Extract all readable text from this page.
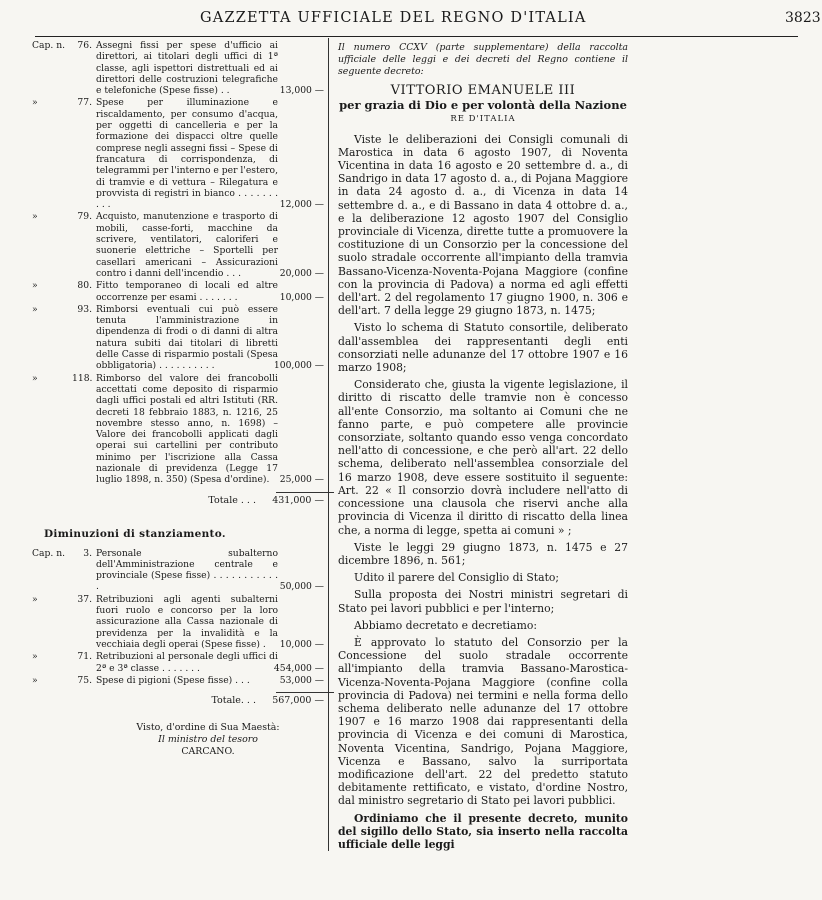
GAZZETTA UFFICIALE DEL REGNO D'ITALIA	3823
Cap. n.	76. Assegni fissi per spese d'ufficio ai direttori, ai titolari degli uffici di 1ª classe, agli ispettori distrettuali ed ai direttori delle costruzioni telegrafiche e telefoniche (Spese fisse) . .	13,000 —
»	77. Spese per illuminazione e riscaldamento, per consumo d'acqua, per oggetti di cancelleria e per la formazione dei dispacci oltre quelle comprese negli assegni fissi – Spese di francatura di corrispondenza, di telegrammi per l'interno e per l'estero, di tramvie e di vettura – Rilegatura e provvista di registri in bianco . . . . . . . . . .	12,000 —
»	79. Acquisto, manutenzione e trasporto di mobili, casse-forti, macchine da scrivere, ventilatori, caloriferi e suonerie elettriche – Sportelli per casellari americani – Assicurazioni contro i danni dell'incendio . . .	20,000 —
»	80. Fitto temporaneo di locali ed altre occorrenze per esami . . . . . . .	10,000 —
»	93. Rimborsi eventuali cui può essere tenuta l'amministrazione in dipendenza di frodi o di danni di altra natura subiti dai titolari di libretti delle Casse di risparmio postali (Spesa obbligatoria) . . . . . . . . . .	100,000 —
»	118. Rimborso del valore dei francobolli accettati come deposito di risparmio dagli uffici postali ed altri Istituti (RR. decreti 18 febbraio 1883, n. 1216, 25 novembre stesso anno, n. 1698) – Valore dei francobolli applicati dagli operai sui cartellini per contributo minimo per l'iscrizione alla Cassa nazionale di previdenza (Legge 17 luglio 1898, n. 350) (Spesa d'ordine).	25,000 —
Totale . . . 431,000 —
Diminuzioni di stanziamento.
Cap. n.	3. Personale subalterno dell'Amministrazione centrale e provinciale (Spese fisse) . . . . . . . . . . . .	50,000 —
»	37. Retribuzioni agli agenti subalterni fuori ruolo e concorso per la loro assicurazione alla Cassa nazionale di previdenza per la invalidità e la vecchiaia degli operai (Spese fisse) .	10,000 —
»	71. Retribuzioni al personale degli uffici di 2ª e 3ª classe . . . . . . .	454,000 —
»	75. Spese di pigioni (Spese fisse) . . .	53,000 —
Totale. . . 567,000 —
Visto, d'ordine di Sua Maestà:
Il ministro del tesoro
CARCANO.
Il numero CCXV (parte supplementare) della raccolta ufficiale delle leggi e dei decreti del Regno contiene il seguente decreto:
VITTORIO EMANUELE III
per grazia di Dio e per volontà della Nazione
RE D'ITALIA

Viste le deliberazioni dei Consigli comunali di Marostica in data 6 agosto 1907, di Noventa Vicentina in data 16 agosto e 20 settembre d. a., di Sandrigo in data 17 agosto d. a., di Pojana Maggiore in data 24 agosto d. a., di Vicenza in data 14 settembre d. a., e di Bassano in data 4 ottobre d. a., e la deliberazione 12 agosto 1907 del Consiglio provinciale di Vicenza, dirette tutte a promuovere la costituzione di un Consorzio per la concessione del suolo stradale occorrente all'impianto della tramvia Bassano-Vicenza-Noventa-Pojana Maggiore (confine con la provincia di Padova) a norma ed agli effetti dell'art. 2 del regolamento 17 giugno 1900, n. 306 e dell'art. 7 della legge 29 giugno 1873, n. 1475;

Visto lo schema di Statuto consortile, deliberato dall'assemblea dei rappresentanti degli enti consorziati nelle adunanze del 17 ottobre 1907 e 16 marzo 1908;

Considerato che, giusta la vigente legislazione, il diritto di riscatto delle tramvie non è concesso all'ente Consorzio, ma soltanto ai Comuni che ne fanno parte, e può competere alle provincie consorziate, soltanto quando esso venga concordato nell'atto di concessione, e che però all'art. 22 dello schema, deliberato nell'assemblea consorziale del 16 marzo 1908, deve essere sostituito il seguente: Art. 22 « Il consorzio dovrà includere nell'atto di concessione una clausola che riservi anche alla provincia di Vicenza il diritto di riscatto della linea che, a norma di legge, spetta ai comuni » ;

Viste le leggi 29 giugno 1873, n. 1475 e 27 dicembre 1896, n. 561;

Udito il parere del Consiglio di Stato;

Sulla proposta dei Nostri ministri segretari di Stato pei lavori pubblici e per l'interno;

Abbiamo decretato e decretiamo:

È approvato lo statuto del Consorzio per la Concessione del suolo stradale occorrente all'impianto della tramvia Bassano-Marostica-Vicenza-Noventa-Pojana Maggiore (confine colla provincia di Padova) nei termini e nella forma dello schema deliberato nelle adunanze del 17 ottobre 1907 e 16 marzo 1908 dai rappresentanti della provincia di Vicenza e dei comuni di Marostica, Noventa Vicentina, Sandrigo, Pojana Maggiore, Vicenza e Bassano, salvo la surriportata modificazione dell'art. 22 del predetto statuto debitamente rettificato, e vistato, d'ordine Nostro, dal ministro segretario di Stato pei lavori pubblici.

Ordiniamo che il presente decreto, munito del sigillo dello Stato, sia inserto nella raccolta ufficiale delle leggi
